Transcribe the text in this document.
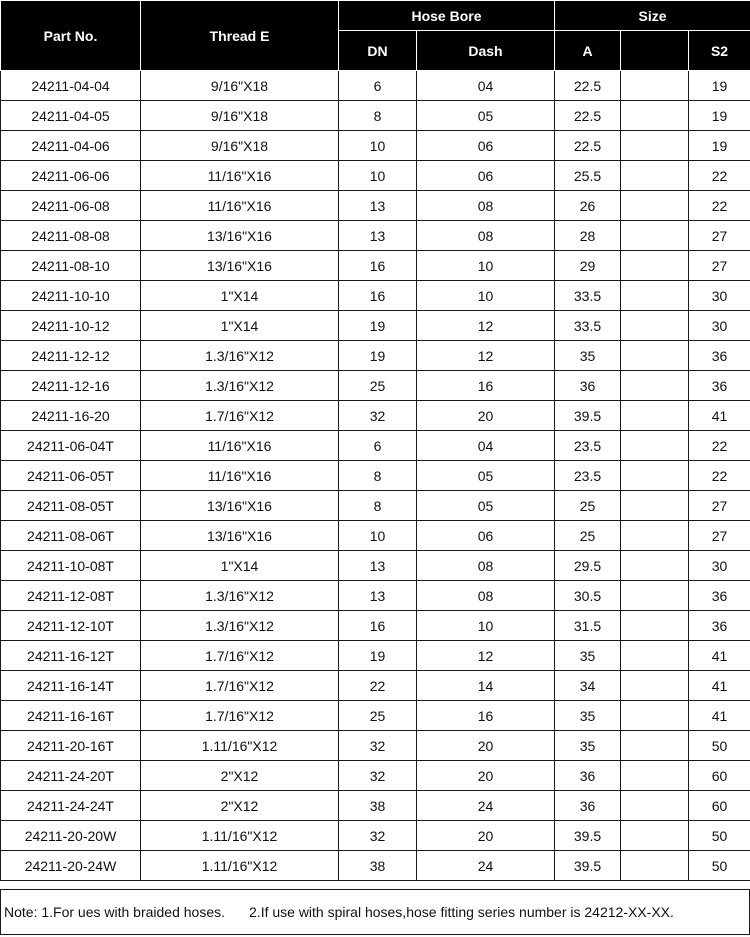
Part No.	Thread E	Hose Bore		Size		
		DN	Dash	A		S2
24211-04-04	9/16"X18	6	04	22.5		19
24211-04-05	9/16"X18	8	05	22.5		19
24211-04-06	9/16"X18	10	06	22.5		19
24211-06-06	11/16"X16	10	06	25.5		22
24211-06-08	11/16"X16	13	08	26		22
24211-08-08	13/16"X16	13	08	28		27
24211-08-10	13/16"X16	16	10	29		27
24211-10-10	1"X14	16	10	33.5		30
24211-10-12	1"X14	19	12	33.5		30
24211-12-12	1.3/16"X12	19	12	35		36
24211-12-16	1.3/16"X12	25	16	36		36
24211-16-20	1.7/16"X12	32	20	39.5		41
24211-06-04T	11/16"X16	6	04	23.5		22
24211-06-05T	11/16"X16	8	05	23.5		22
24211-08-05T	13/16"X16	8	05	25		27
24211-08-06T	13/16"X16	10	06	25		27
24211-10-08T	1"X14	13	08	29.5		30
24211-12-08T	1.3/16"X12	13	08	30.5		36
24211-12-10T	1.3/16"X12	16	10	31.5		36
24211-16-12T	1.7/16"X12	19	12	35		41
24211-16-14T	1.7/16"X12	22	14	34		41
24211-16-16T	1.7/16"X12	25	16	35		41
24211-20-16T	1.11/16"X12	32	20	35		50
24211-24-20T	2"X12	32	20	36		60
24211-24-24T	2"X12	38	24	36		60
24211-20-20W	1.11/16"X12	32	20	39.5		50
24211-20-24W	1.11/16"X12	38	24	39.5		50
Note: 1.For ues with braided hoses. 2.If use with spiral hoses,hose fitting series number is 24212-XX-XX.
